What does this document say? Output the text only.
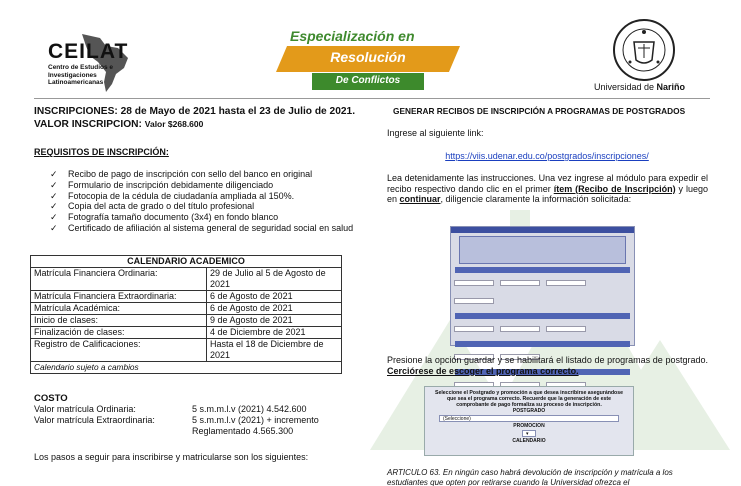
CEILAT
Centro de Estudios e Investigaciones Latinoamericanas
Especialización en
Resolución
De Conflictos
Universidad de Nariño
INSCRIPCIONES: 28 de Mayo de 2021 hasta el 23 de Julio de 2021.
VALOR INSCRIPCION: Valor $268.600
REQUISITOS DE INSCRIPCIÓN:
✓ Recibo de pago de inscripción con sello del banco en original
✓ Formulario de inscripción debidamente diligenciado
✓ Fotocopia de la cédula de ciudadanía ampliada al 150%.
✓ Copia del acta de grado o del título profesional
✓ Fotografía tamaño documento (3x4) en fondo blanco
✓ Certificado de afiliación al sistema general de seguridad social en salud
CALENDARIO ACADEMICO	
Matrícula Financiera Ordinaria:	29 de Julio al 5 de Agosto de 2021
Matrícula Financiera Extraordinaria:	6 de Agosto de 2021
Matrícula Académica:	6 de Agosto de 2021
Inicio de clases:	9 de Agosto de 2021
Finalización de clases:	4 de Diciembre de 2021
Registro de Calificaciones:	Hasta el 18 de Diciembre de 2021
Calendario sujeto a cambios	
COSTO
Valor matrícula Ordinaria:	5 s.m.m.l.v (2021) 4.542.600
Valor matrícula Extraordinaria:	5 s.m.m.l.v (2021) + incremento
Reglamentado 4.565.300
Los pasos a seguir para inscribirse y matricularse son los siguientes:
GENERAR RECIBOS DE INSCRIPCIÓN A PROGRAMAS DE POSTGRADOS
Ingrese al siguiente link:
https://viis.udenar.edu.co/postgrados/inscripciones/
Lea detenidamente las instrucciones. Una vez ingrese al módulo para expedir el recibo respectivo dando clic en el primer ítem (Recibo de Inscripción) y luego en continuar, diligencie claramente la información solicitada:
Presione la opción guardar y se habilitará el listado de programas de postgrado. Cerciórese de escoger el programa correcto.
Seleccione el Postgrado y promoción a que desea inscribirse asegurándose que sea el programa correcto. Recuerde que la generación de este comprobante de pago formaliza su proceso de inscripción.
POSTGRADO
(Seleccione)
PROMOCION
▾
CALENDARIO
ARTICULO 63. En ningún caso habrá devolución de inscripción y matrícula a los estudiantes que opten por retirarse cuando la Universidad ofrezca el
